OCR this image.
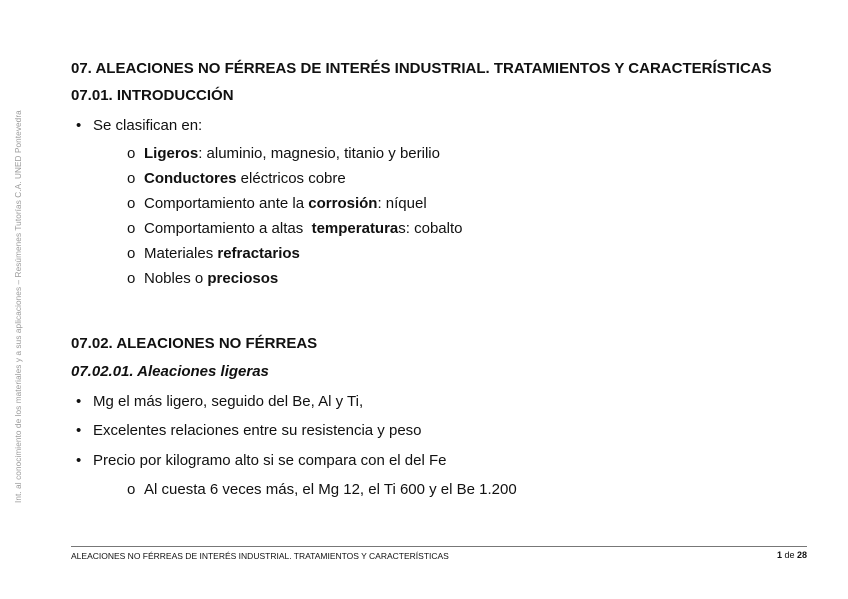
Int. al conocimiento de los materiales y a sus aplicaciones – Resúmenes Tutorías C.A. UNED Pontevedra
07. ALEACIONES NO FÉRREAS DE INTERÉS INDUSTRIAL. TRATAMIENTOS Y CARACTERÍSTICAS
07.01. INTRODUCCIÓN
• Se clasifican en:
o Ligeros: aluminio, magnesio, titanio y berilio
o Conductores eléctricos cobre
o Comportamiento ante la corrosión: níquel
o Comportamiento a altas  temperaturas: cobalto
o Materiales refractarios
o Nobles o preciosos
07.02. ALEACIONES NO FÉRREAS
07.02.01. Aleaciones ligeras
• Mg el más ligero, seguido del Be, Al y Ti,
• Excelentes relaciones entre su resistencia y peso
• Precio por kilogramo alto si se compara con el del Fe
o Al cuesta 6 veces más, el Mg 12, el Ti 600 y el Be 1.200
ALEACIONES NO FÉRREAS DE INTERÉS INDUSTRIAL. TRATAMIENTOS Y CARACTERÍSTICAS	1 de 28
